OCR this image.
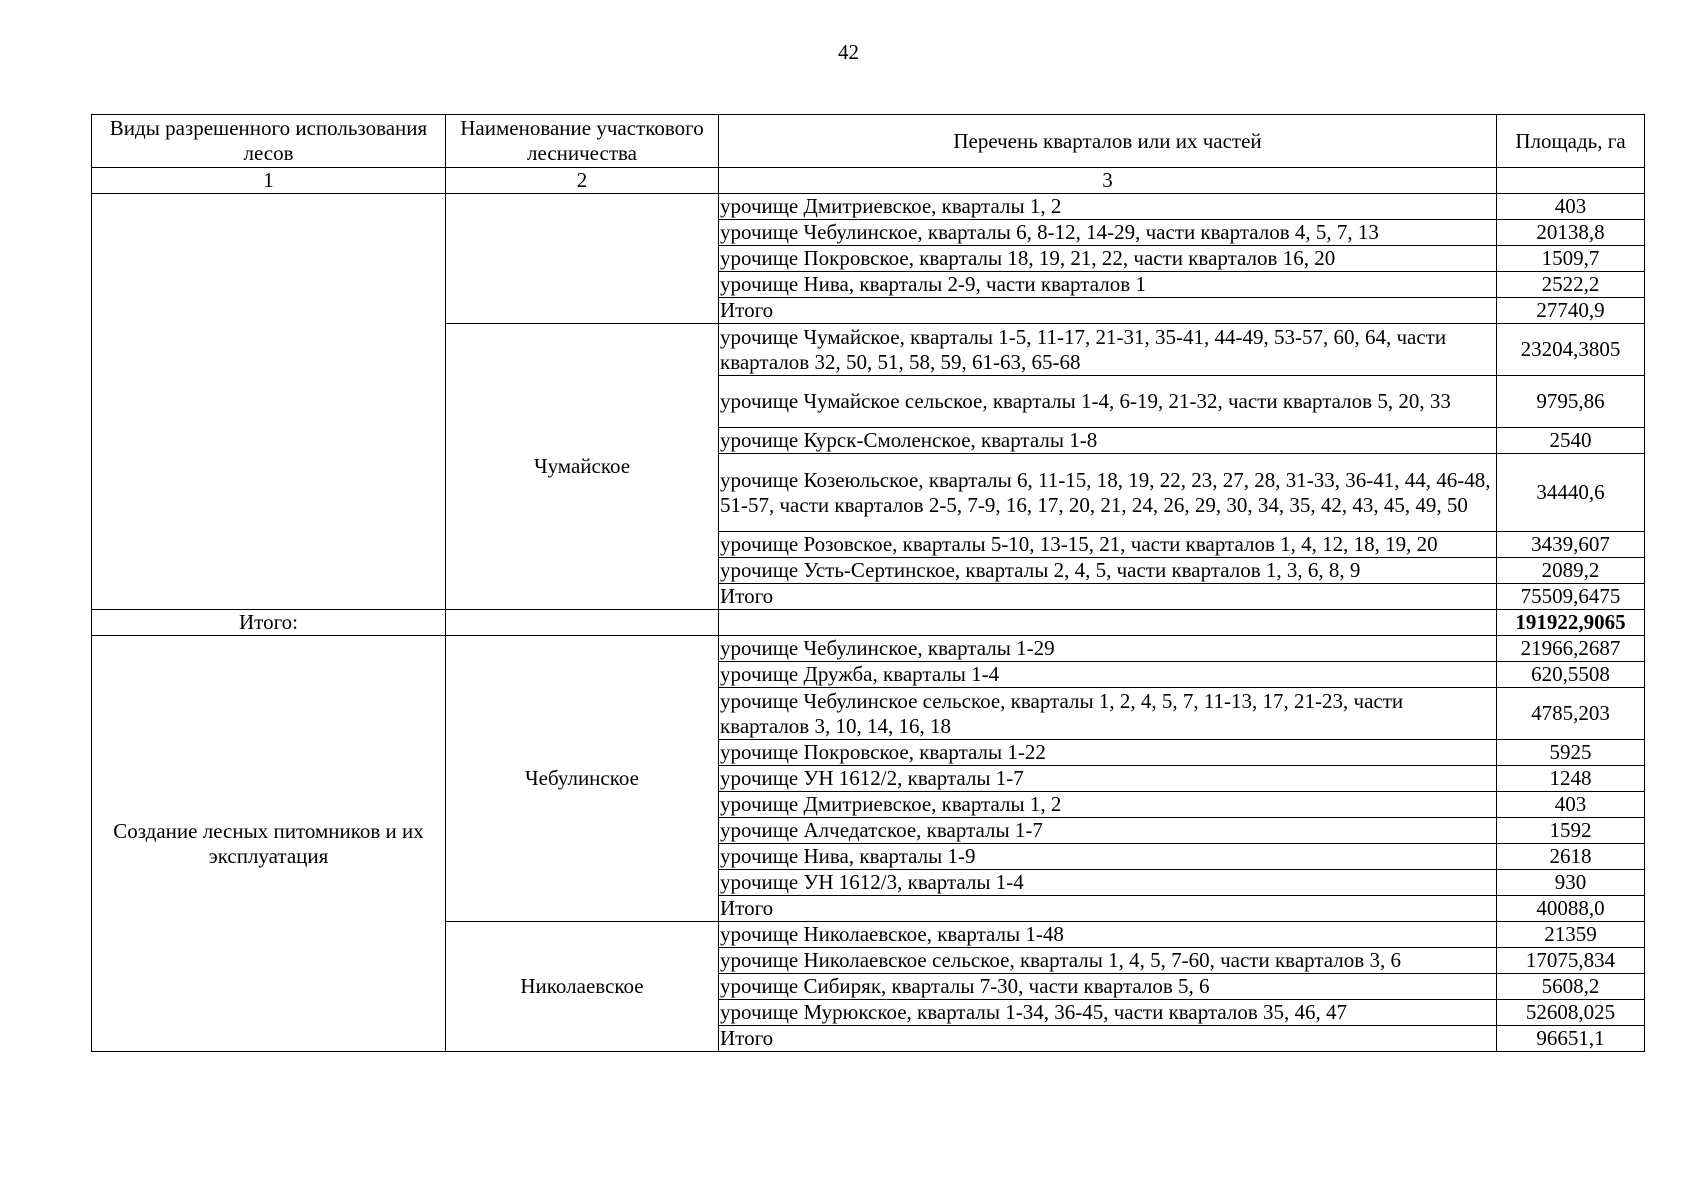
42
Виды разрешенного использования лесов	Наименование участкового лесничества	Перечень кварталов или их частей	Площадь, га
1	2	3	
		урочище Дмитриевское, кварталы 1, 2	403
		урочище Чебулинское, кварталы 6, 8-12, 14-29, части кварталов 4, 5, 7, 13	20138,8
		урочище Покровское, кварталы 18, 19, 21, 22, части кварталов 16, 20	1509,7
		урочище Нива, кварталы 2-9, части кварталов 1	2522,2
		Итого	27740,9
	Чумайское	урочище Чумайское, кварталы 1-5, 11-17, 21-31, 35-41, 44-49, 53-57, 60, 64, части кварталов 32, 50, 51, 58, 59, 61-63, 65-68	23204,3805
		урочище Чумайское сельское, кварталы 1-4, 6-19, 21-32, части кварталов 5, 20, 33	9795,86
		урочище Курск-Смоленское, кварталы 1-8	2540
		урочище Козеюльское, кварталы 6, 11-15, 18, 19, 22, 23, 27, 28, 31-33, 36-41, 44, 46-48, 51-57, части кварталов 2-5, 7-9, 16, 17, 20, 21, 24, 26, 29, 30, 34, 35, 42, 43, 45, 49, 50	34440,6
		урочище Розовское, кварталы 5-10, 13-15, 21, части кварталов 1, 4, 12, 18, 19, 20	3439,607
		урочище Усть-Сертинское, кварталы 2, 4, 5, части кварталов 1, 3, 6, 8, 9	2089,2
		Итого	75509,6475
Итого:			191922,9065
Создание лесных питомников и их эксплуатация	Чебулинское	урочище Чебулинское, кварталы 1-29	21966,2687
		урочище Дружба, кварталы 1-4	620,5508
		урочище Чебулинское сельское, кварталы 1, 2, 4, 5, 7, 11-13, 17, 21-23, части кварталов 3, 10, 14, 16, 18	4785,203
		урочище Покровское, кварталы 1-22	5925
		урочище УН 1612/2, кварталы 1-7	1248
		урочище Дмитриевское, кварталы 1, 2	403
		урочище Алчедатское, кварталы 1-7	1592
		урочище Нива, кварталы 1-9	2618
		урочище УН 1612/3, кварталы 1-4	930
		Итого	40088,0
	Николаевское	урочище Николаевское, кварталы 1-48	21359
		урочище Николаевское сельское, кварталы 1, 4, 5, 7-60, части кварталов 3, 6	17075,834
		урочище Сибиряк, кварталы 7-30, части кварталов 5, 6	5608,2
		урочище Мурюкское, кварталы 1-34, 36-45, части кварталов 35, 46, 47	52608,025
		Итого	96651,1
